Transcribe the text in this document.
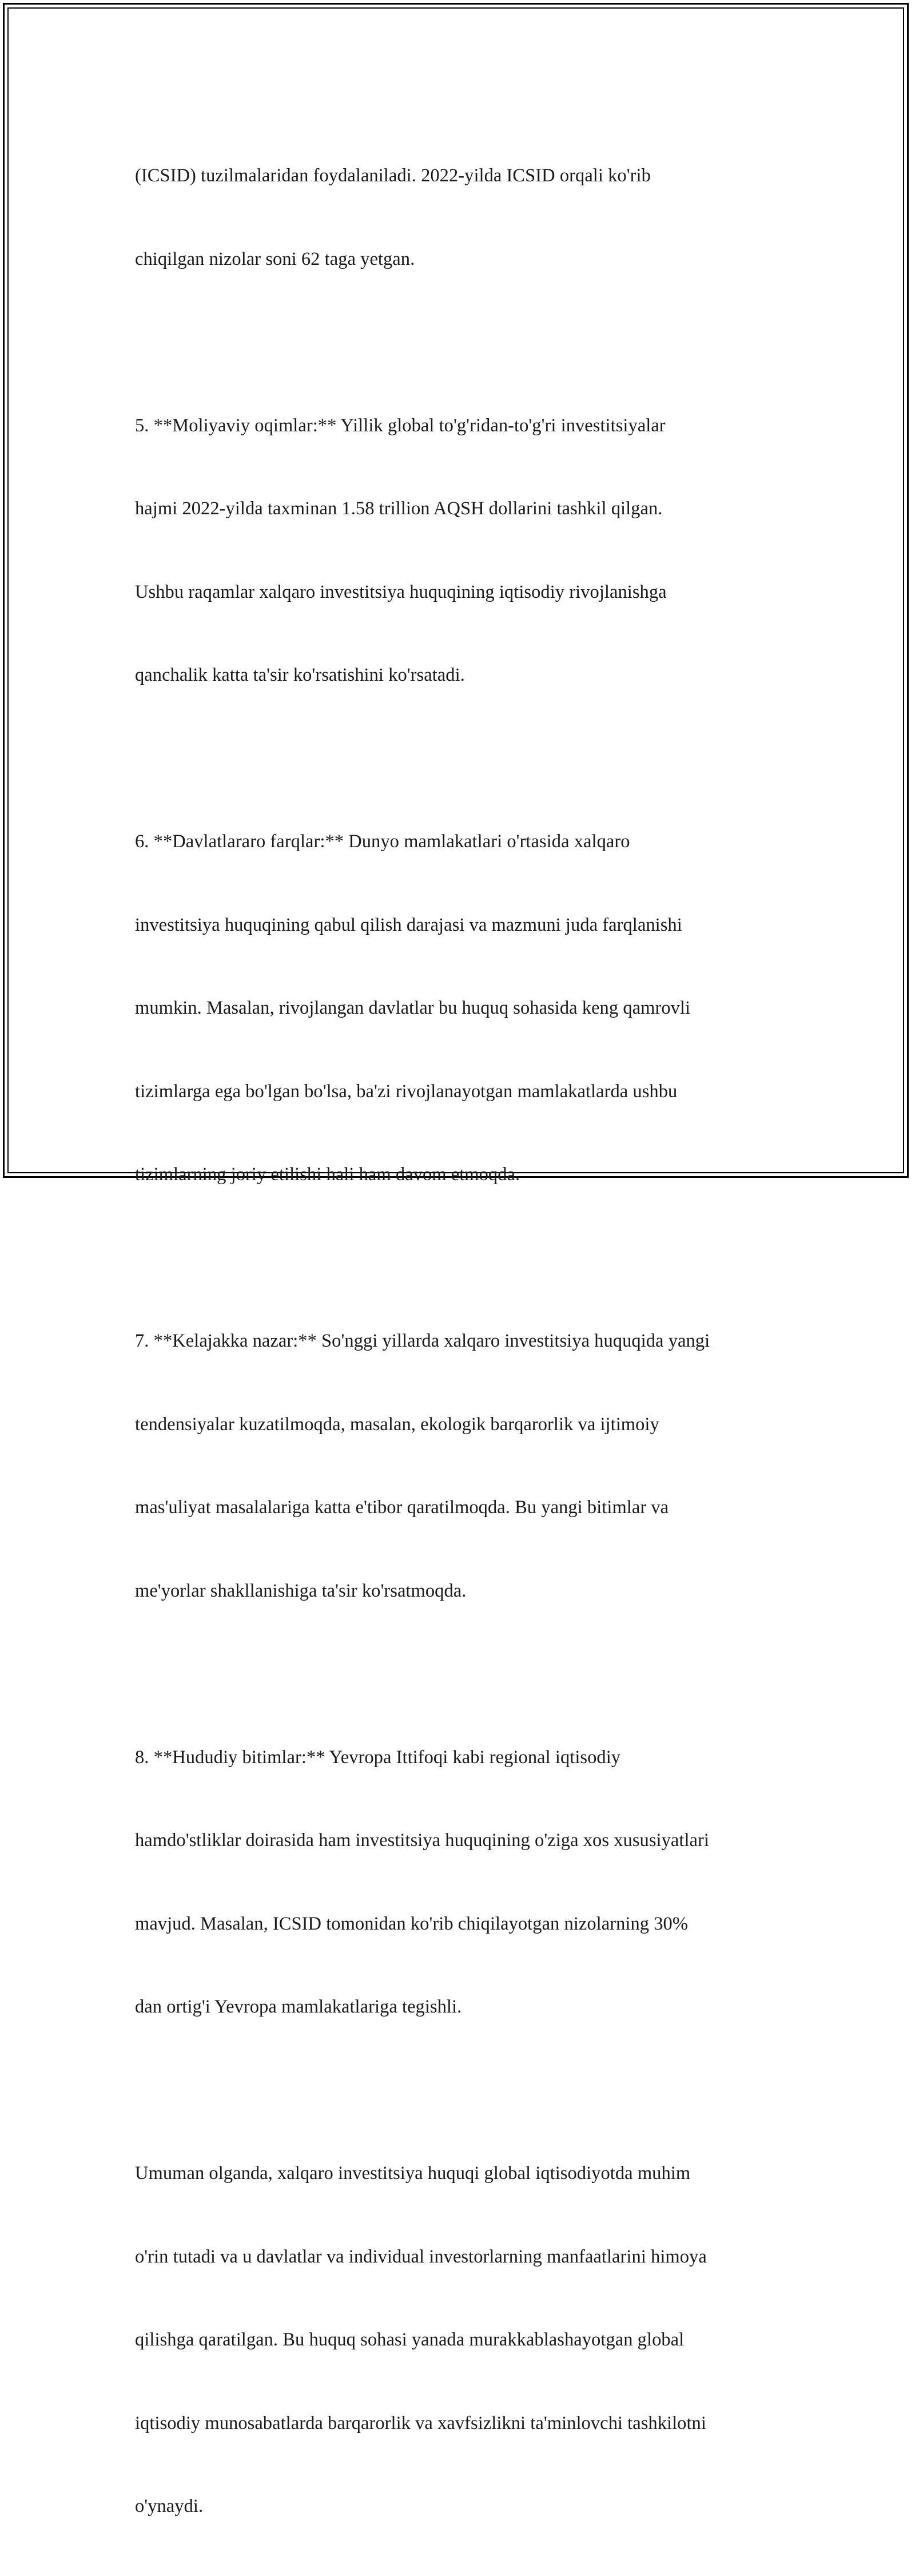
(ICSID) tuzilmalaridan foydalaniladi. 2022-yilda ICSID orqali ko'rib

chiqilgan nizolar soni 62 taga yetgan.

5. **Moliyaviy oqimlar:** Yillik global to'g'ridan-to'g'ri investitsiyalar

hajmi 2022-yilda taxminan 1.58 trillion AQSH dollarini tashkil qilgan.

Ushbu raqamlar xalqaro investitsiya huquqining iqtisodiy rivojlanishga

qanchalik katta ta'sir ko'rsatishini ko'rsatadi.

6. **Davlatlararo farqlar:** Dunyo mamlakatlari o'rtasida xalqaro

investitsiya huquqining qabul qilish darajasi va mazmuni juda farqlanishi

mumkin. Masalan, rivojlangan davlatlar bu huquq sohasida keng qamrovli

tizimlarga ega bo'lgan bo'lsa, ba'zi rivojlanayotgan mamlakatlarda ushbu

tizimlarning joriy etilishi hali ham davom etmoqda.

7. **Kelajakka nazar:** So'nggi yillarda xalqaro investitsiya huquqida yangi

tendensiyalar kuzatilmoqda, masalan, ekologik barqarorlik va ijtimoiy

mas'uliyat masalalariga katta e'tibor qaratilmoqda. Bu yangi bitimlar va

me'yorlar shakllanishiga ta'sir ko'rsatmoqda.

8. **Hududiy bitimlar:** Yevropa Ittifoqi kabi regional iqtisodiy

hamdo'stliklar doirasida ham investitsiya huquqining o'ziga xos xususiyatlari

mavjud. Masalan, ICSID tomonidan ko'rib chiqilayotgan nizolarning 30%

dan ortig'i Yevropa mamlakatlariga tegishli.

Umuman olganda, xalqaro investitsiya huquqi global iqtisodiyotda muhim

o'rin tutadi va u davlatlar va individual investorlarning manfaatlarini himoya

qilishga qaratilgan. Bu huquq sohasi yanada murakkablashayotgan global

iqtisodiy munosabatlarda barqarorlik va xavfsizlikni ta'minlovchi tashkilotni

o'ynaydi.
